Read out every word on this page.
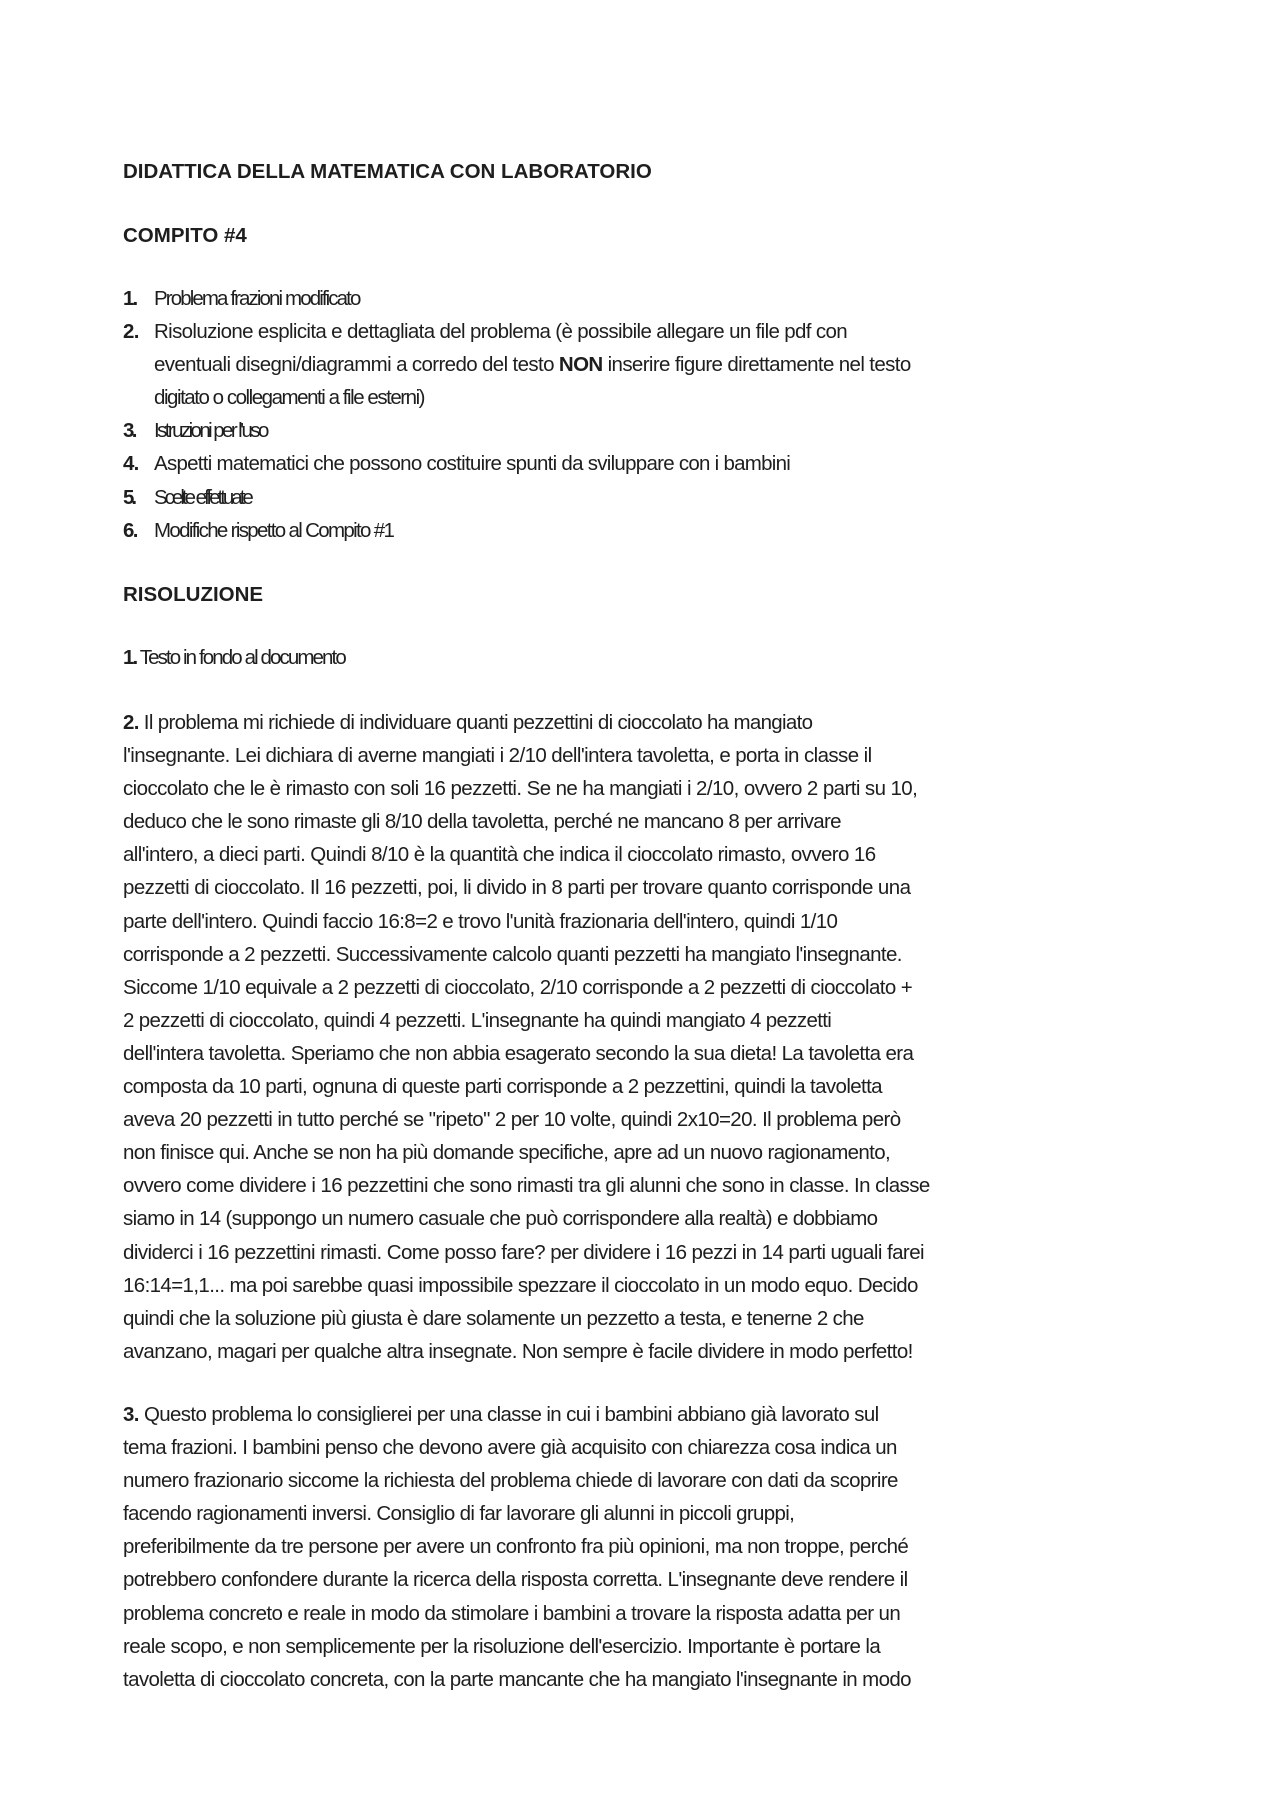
DIDATTICA DELLA MATEMATICA CON LABORATORIO
COMPITO #4
1. Problema frazioni modificato
2. Risoluzione esplicita e dettagliata del problema (è possibile allegare un file pdf con
eventuali disegni/diagrammi a corredo del testo NON inserire figure direttamente nel testo
digitato o collegamenti a file esterni)
3. Istruzioni per l'uso
4. Aspetti matematici che possono costituire spunti da sviluppare con i bambini
5. Scelte effettuate
6. Modifiche rispetto al Compito #1
RISOLUZIONE
1. Testo in fondo al documento
2. Il problema mi richiede di individuare quanti pezzettini di cioccolato ha mangiato
l'insegnante. Lei dichiara di averne mangiati i 2/10 dell'intera tavoletta, e porta in classe il
cioccolato che le è rimasto con soli 16 pezzetti. Se ne ha mangiati i 2/10, ovvero 2 parti su 10,
deduco che le sono rimaste gli 8/10 della tavoletta, perché ne mancano 8 per arrivare
all'intero, a dieci parti. Quindi 8/10 è la quantità che indica il cioccolato rimasto, ovvero 16
pezzetti di cioccolato. Il 16 pezzetti, poi, li divido in 8 parti per trovare quanto corrisponde una
parte dell'intero. Quindi faccio 16:8=2 e trovo l'unità frazionaria dell'intero, quindi 1/10
corrisponde a 2 pezzetti. Successivamente calcolo quanti pezzetti ha mangiato l'insegnante.
Siccome 1/10 equivale a 2 pezzetti di cioccolato, 2/10 corrisponde a 2 pezzetti di cioccolato +
2 pezzetti di cioccolato, quindi 4 pezzetti. L'insegnante ha quindi mangiato 4 pezzetti
dell'intera tavoletta. Speriamo che non abbia esagerato secondo la sua dieta! La tavoletta era
composta da 10 parti, ognuna di queste parti corrisponde a 2 pezzettini, quindi la tavoletta
aveva 20 pezzetti in tutto perché se "ripeto" 2 per 10 volte, quindi 2x10=20. Il problema però
non finisce qui. Anche se non ha più domande specifiche, apre ad un nuovo ragionamento,
ovvero come dividere i 16 pezzettini che sono rimasti tra gli alunni che sono in classe. In classe
siamo in 14 (suppongo un numero casuale che può corrispondere alla realtà) e dobbiamo
dividerci i 16 pezzettini rimasti. Come posso fare? per dividere i 16 pezzi in 14 parti uguali farei
16:14=1,1... ma poi sarebbe quasi impossibile spezzare il cioccolato in un modo equo. Decido
quindi che la soluzione più giusta è dare solamente un pezzetto a testa, e tenerne 2 che
avanzano, magari per qualche altra insegnate. Non sempre è facile dividere in modo perfetto!
3. Questo problema lo consiglierei per una classe in cui i bambini abbiano già lavorato sul
tema frazioni. I bambini penso che devono avere già acquisito con chiarezza cosa indica un
numero frazionario siccome la richiesta del problema chiede di lavorare con dati da scoprire
facendo ragionamenti inversi. Consiglio di far lavorare gli alunni in piccoli gruppi,
preferibilmente da tre persone per avere un confronto fra più opinioni, ma non troppe, perché
potrebbero confondere durante la ricerca della risposta corretta. L'insegnante deve rendere il
problema concreto e reale in modo da stimolare i bambini a trovare la risposta adatta per un
reale scopo, e non semplicemente per la risoluzione dell'esercizio. Importante è portare la
tavoletta di cioccolato concreta, con la parte mancante che ha mangiato l'insegnante in modo
